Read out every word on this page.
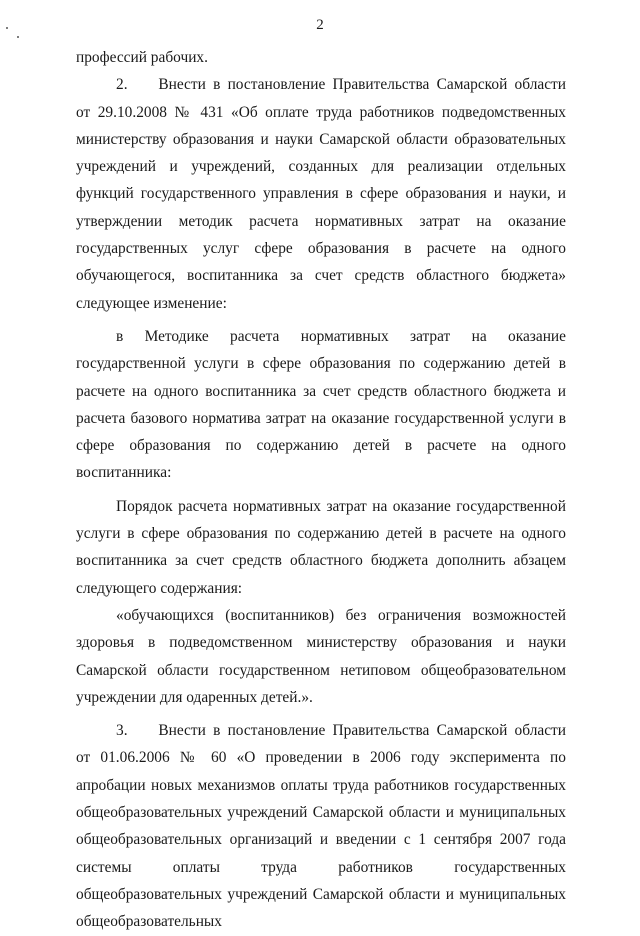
2

профессий рабочих.

2.  Внести в постановление Правительства Самарской области от 29.10.2008 № 431 «Об оплате труда работников подведомственных министерству образования и науки Самарской области образовательных учреждений и учреждений, созданных для реализации отдельных функций государственного управления в сфере образования и науки, и утверждении методик расчета нормативных затрат на оказание государственных услуг сфере образования в расчете на одного обучающегося, воспитанника за счет средств областного бюджета» следующее изменение:

в Методике расчета нормативных затрат на оказание государственной услуги в сфере образования по содержанию детей в расчете на одного воспитанника за счет средств областного бюджета и расчета базового норматива затрат на оказание государственной услуги в сфере образования по содержанию детей в расчете на одного воспитанника:

Порядок расчета нормативных затрат на оказание государственной услуги в сфере образования по содержанию детей в расчете на одного воспитанника за счет средств областного бюджета дополнить абзацем следующего содержания:

«обучающихся (воспитанников) без ограничения возможностей здоровья в подведомственном министерству образования и науки Самарской области государственном нетиповом общеобразовательном учреждении для одаренных детей.».

3.  Внести в постановление Правительства Самарской области от 01.06.2006 № 60 «О проведении в 2006 году эксперимента по апробации новых механизмов оплаты труда работников государственных общеобразовательных учреждений Самарской области и муниципальных общеобразовательных организаций и введении с 1 сентября 2007 года системы оплаты труда работников государственных общеобразовательных учреждений Самарской области и муниципальных общеобразовательных
